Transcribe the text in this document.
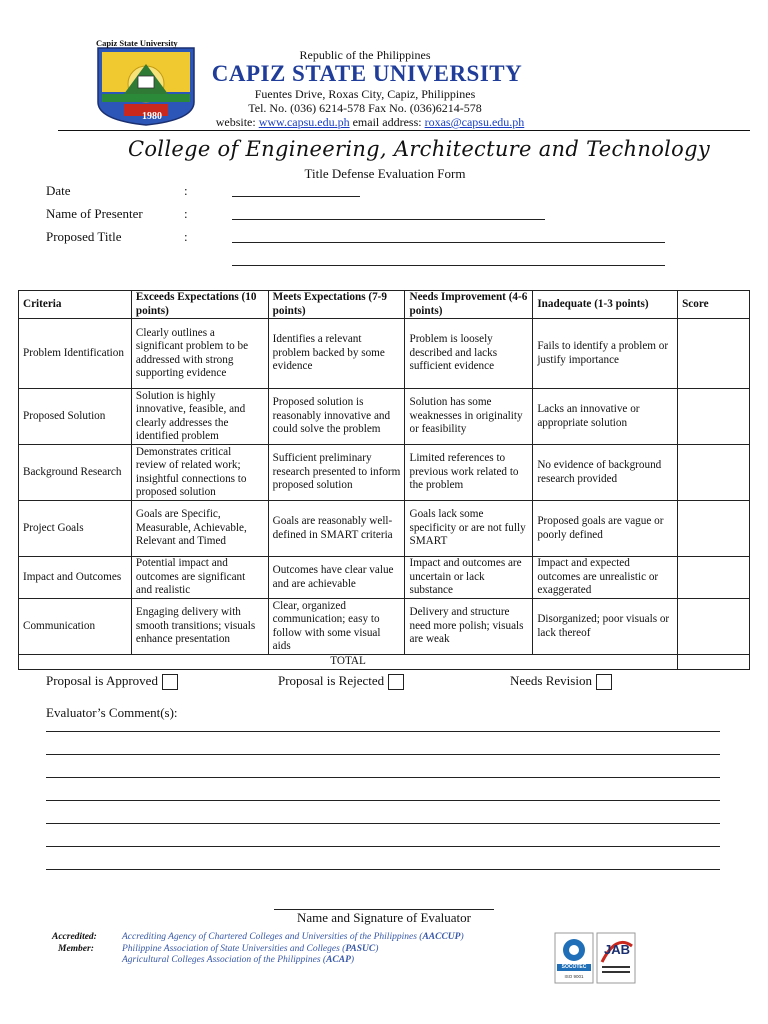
Capiz State University
1980
Republic of the Philippines
CAPIZ STATE UNIVERSITY
Fuentes Drive, Roxas City, Capiz, Philippines
Tel. No. (036) 6214-578 Fax No. (036)6214-578
website: www.capsu.edu.ph email address: roxas@capsu.edu.ph
College of Engineering, Architecture and Technology
Title Defense Evaluation Form
Date	:
Name of Presenter	:
Proposed Title	:
Criteria	Exceeds Expectations (10 points)	Meets Expectations (7-9 points)	Needs Improvement (4-6 points)	Inadequate (1-3 points)	Score
Problem Identification	Clearly outlines a significant problem to be addressed with strong supporting evidence	Identifies a relevant problem backed by some evidence	Problem is loosely described and lacks sufficient evidence	Fails to identify a problem or justify importance	
Proposed Solution	Solution is highly innovative, feasible, and clearly addresses the identified problem	Proposed solution is reasonably innovative and could solve the problem	Solution has some weaknesses in originality or feasibility	Lacks an innovative or appropriate solution	
Background Research	Demonstrates critical review of related work; insightful connections to proposed solution	Sufficient preliminary research presented to inform proposed solution	Limited references to previous work related to the problem	No evidence of background research provided	
Project Goals	Goals are Specific, Measurable, Achievable, Relevant and Timed	Goals are reasonably well-defined in SMART criteria	Goals lack some specificity or are not fully SMART	Proposed goals are vague or poorly defined	
Impact and Outcomes	Potential impact and outcomes are significant and realistic	Outcomes have clear value and are achievable	Impact and outcomes are uncertain or lack substance	Impact and expected outcomes are unrealistic or exaggerated	
Communication	Engaging delivery with smooth transitions; visuals enhance presentation	Clear, organized communication; easy to follow with some visual aids	Delivery and structure need more polish; visuals are weak	Disorganized; poor visuals or lack thereof	
TOTAL					
Proposal is Approved	Proposal is Rejected	Needs Revision
Evaluator’s Comment(s):
Name and Signature of Evaluator
Accredited:
Member:
Accrediting Agency of Chartered Colleges and Universities of the Philippines (AACCUP)
Philippine Association of State Universities and Colleges (PASUC)
Agricultural Colleges Association of the Philippines (ACAP)
SOCOTEC
ISO 9001
JAB
